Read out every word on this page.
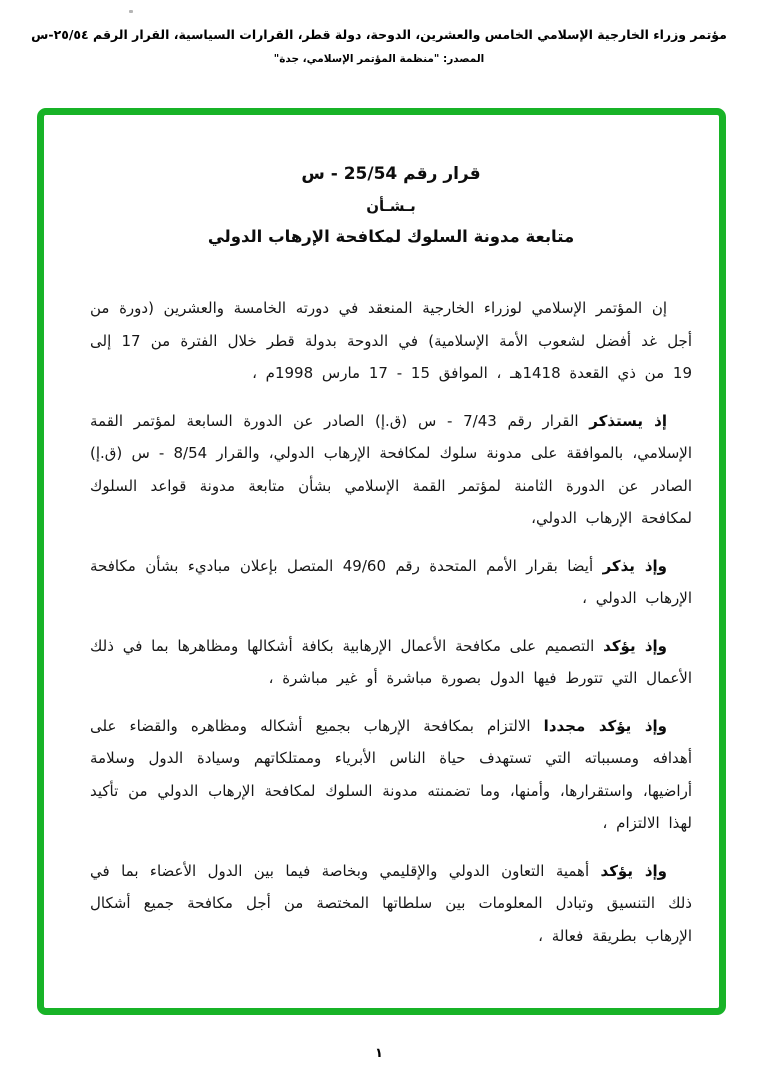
مؤتمر وزراء الخارجية الإسلامي الخامس والعشرين، الدوحة، دولة قطر، القرارات السياسية، القرار الرقم ٢٥/٥٤-س
المصدر: "منظمة المؤتمر الإسلامي، جدة"
قرار رقم 25/54 - س
بـشـأن
متابعة مدونة السلوك لمكافحة الإرهاب الدولي

إن المؤتمر الإسلامي لوزراء الخارجية المنعقد في دورته الخامسة والعشرين (دورة من أجل غد أفضل لشعوب الأمة الإسلامية) في الدوحة بدولة قطر خلال الفترة من 17 إلى 19 من ذي القعدة 1418هـ ، الموافق 15 - 17 مارس 1998م ،

إذ يستذكر القرار رقم 7/43 - س (ق.إ) الصادر عن الدورة السابعة لمؤتمر القمة الإسلامي، بالموافقة على مدونة سلوك لمكافحة الإرهاب الدولي، والقرار 8/54 - س (ق.إ) الصادر عن الدورة الثامنة لمؤتمر القمة الإسلامي بشأن متابعة مدونة قواعد السلوك لمكافحة الإرهاب الدولي،

وإذ يذكر أيضا بقرار الأمم المتحدة رقم 49/60 المتصل بإعلان مباديء بشأن مكافحة الإرهاب الدولي ،

وإذ يؤكد التصميم على مكافحة الأعمال الإرهابية بكافة أشكالها ومظاهرها بما في ذلك الأعمال التي تتورط فيها الدول بصورة مباشرة أو غير مباشرة ،

وإذ يؤكد مجددا الالتزام بمكافحة الإرهاب بجميع أشكاله ومظاهره والقضاء على أهدافه ومسبباته التي تستهدف حياة الناس الأبرياء وممتلكاتهم وسيادة الدول وسلامة أراضيها، واستقرارها، وأمنها، وما تضمنته مدونة السلوك لمكافحة الإرهاب الدولي من تأكيد لهذا الالتزام ،

وإذ يؤكد أهمية التعاون الدولي والإقليمي وبخاصة فيما بين الدول الأعضاء بما في ذلك التنسيق وتبادل المعلومات بين سلطاتها المختصة من أجل مكافحة جميع أشكال الإرهاب بطريقة فعالة ،

١
